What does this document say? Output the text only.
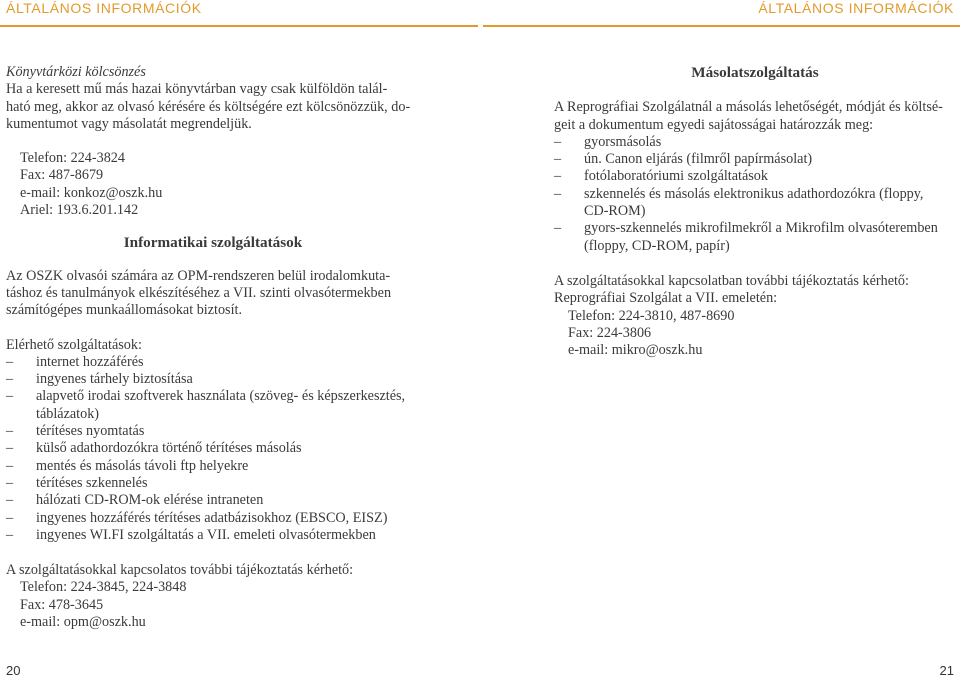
ÁLTALÁNOS INFORMÁCIÓK	ÁLTALÁNOS INFORMÁCIÓK

Könyvtárközi kölcsönzés

Ha a keresett mű más hazai könyvtárban vagy csak külföldön talál-
ható meg, akkor az olvasó kérésére és költségére ezt kölcsönözzük, do-
kumentumot vagy másolatát megrendeljük.

Telefon: 224-3824

Fax: 487-8679

e-mail: konkoz@oszk.hu

Ariel: 193.6.201.142

Informatikai szolgáltatások

Az OSZK olvasói számára az OPM-rendszeren belül irodalomkuta-
táshoz és tanulmányok elkészítéséhez a VII. szinti olvasótermekben
számítógépes munkaállomásokat biztosít.

Elérhető szolgáltatások:

– internet hozzáférés
– ingyenes tárhely biztosítása
– alapvető irodai szoftverek használata (szöveg- és képszerkesztés,
táblázatok)
– térítéses nyomtatás
– külső adathordozókra történő térítéses másolás
– mentés és másolás távoli ftp helyekre
– térítéses szkennelés
– hálózati CD-ROM-ok elérése intraneten
– ingyenes hozzáférés térítéses adatbázisokhoz (EBSCO, EISZ)
– ingyenes WI.FI szolgáltatás a VII. emeleti olvasótermekben

A szolgáltatásokkal kapcsolatos további tájékoztatás kérhető:

Telefon: 224-3845, 224-3848

Fax: 478-3645

e-mail: opm@oszk.hu

Másolatszolgáltatás

A Reprográfiai Szolgálatnál a másolás lehetőségét, módját és költsé-
geit a dokumentum egyedi sajátosságai határozzák meg:

– gyorsmásolás
– ún. Canon eljárás (filmről papírmásolat)
– fotólaboratóriumi szolgáltatások
– szkennelés és másolás elektronikus adathordozókra (floppy,
CD-ROM)
– gyors-szkennelés mikrofilmekről a Mikrofilm olvasóteremben
(floppy, CD-ROM, papír)

A szolgáltatásokkal kapcsolatban további tájékoztatás kérhető:

Reprográfiai Szolgálat a VII. emeletén:

Telefon: 224-3810, 487-8690

Fax: 224-3806

e-mail: mikro@oszk.hu

20	21
